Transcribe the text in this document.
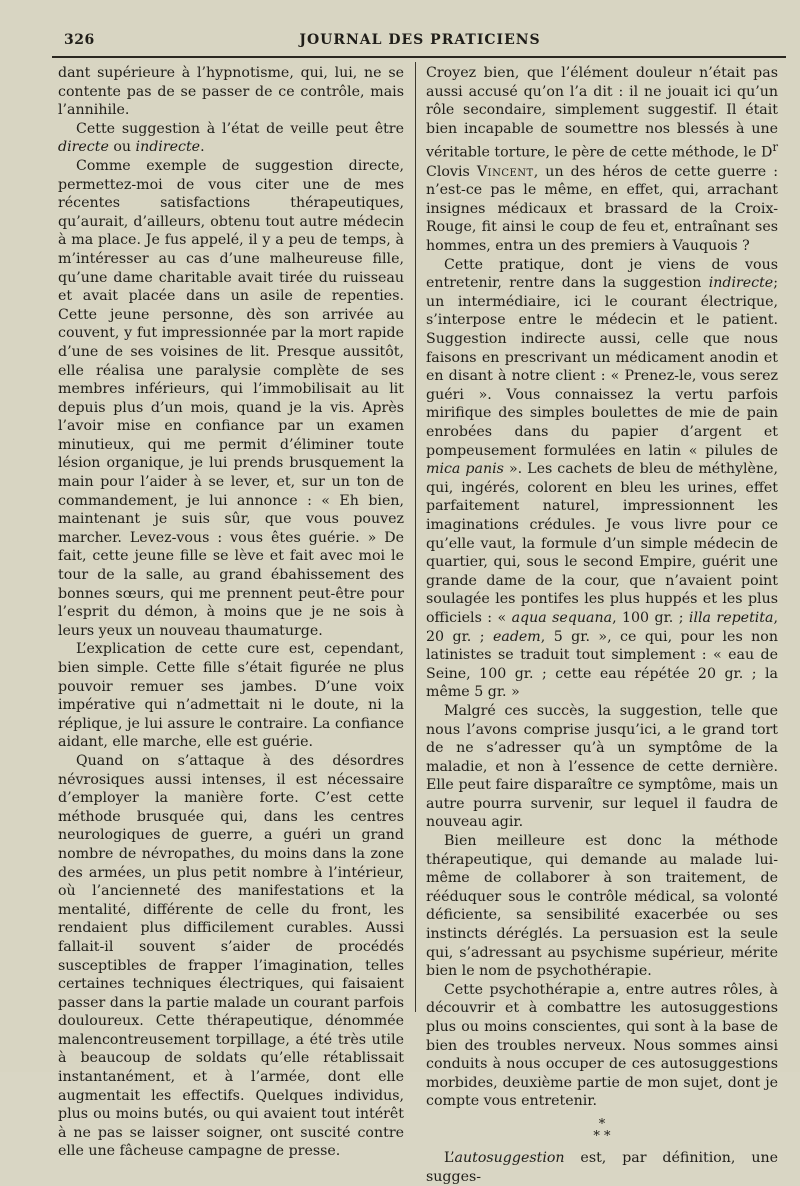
326	JOURNAL DES PRATICIENS

dant supérieure à l’hypnotisme, qui, lui, ne se contente pas de se passer de ce contrôle, mais l’annihile.

Cette suggestion à l’état de veille peut être directe ou indirecte.

Comme exemple de suggestion directe, permettez-moi de vous citer une de mes récentes satisfactions thérapeutiques, qu’aurait, d’ailleurs, obtenu tout autre médecin à ma place. Je fus appelé, il y a peu de temps, à m’intéresser au cas d’une malheureuse fille, qu’une dame charitable avait tirée du ruisseau et avait placée dans un asile de repenties. Cette jeune personne, dès son arrivée au couvent, y fut impressionnée par la mort rapide d’une de ses voisines de lit. Presque aussitôt, elle réalisa une paralysie complète de ses membres inférieurs, qui l’immobilisait au lit depuis plus d’un mois, quand je la vis. Après l’avoir mise en confiance par un examen minutieux, qui me permit d’éliminer toute lésion organique, je lui prends brusquement la main pour l’aider à se lever, et, sur un ton de commandement, je lui annonce : « Eh bien, maintenant je suis sûr, que vous pouvez marcher. Levez-vous : vous êtes guérie. » De fait, cette jeune fille se lève et fait avec moi le tour de la salle, au grand ébahissement des bonnes sœurs, qui me prennent peut-être pour l’esprit du démon, à moins que je ne sois à leurs yeux un nouveau thaumaturge.

L’explication de cette cure est, cependant, bien simple. Cette fille s’était figurée ne plus pouvoir remuer ses jambes. D’une voix impérative qui n’admettait ni le doute, ni la réplique, je lui assure le contraire. La confiance aidant, elle marche, elle est guérie.

Quand on s’attaque à des désordres névrosiques aussi intenses, il est nécessaire d’employer la manière forte. C’est cette méthode brusquée qui, dans les centres neurologiques de guerre, a guéri un grand nombre de névropathes, du moins dans la zone des armées, un plus petit nombre à l’intérieur, où l’ancienneté des manifestations et la mentalité, différente de celle du front, les rendaient plus difficilement curables. Aussi fallait-il souvent s’aider de procédés susceptibles de frapper l’imagination, telles certaines techniques électriques, qui faisaient passer dans la partie malade un courant parfois douloureux. Cette thérapeutique, dénommée malencontreusement torpillage, a été très utile à beaucoup de soldats qu’elle rétablissait instantanément, et à l’armée, dont elle augmentait les effectifs. Quelques individus, plus ou moins butés, ou qui avaient tout intérêt à ne pas se laisser soigner, ont suscité contre elle une fâcheuse campagne de presse.

Croyez bien, que l’élément douleur n’était pas aussi accusé qu’on l’a dit : il ne jouait ici qu’un rôle secondaire, simplement suggestif. Il était bien incapable de soumettre nos blessés à une véritable torture, le père de cette méthode, le $D^r$ Clovis Vincent, un des héros de cette guerre : n’est-ce pas le même, en effet, qui, arrachant insignes médicaux et brassard de la Croix-Rouge, fit ainsi le coup de feu et, entraînant ses hommes, entra un des premiers à Vauquois ?

Cette pratique, dont je viens de vous entretenir, rentre dans la suggestion indirecte; un intermédiaire, ici le courant électrique, s’interpose entre le médecin et le patient. Suggestion indirecte aussi, celle que nous faisons en prescrivant un médicament anodin et en disant à notre client : « Prenez-le, vous serez guéri ». Vous connaissez la vertu parfois mirifique des simples boulettes de mie de pain enrobées dans du papier d’argent et pompeusement formulées en latin « pilules de mica panis ». Les cachets de bleu de méthylène, qui, ingérés, colorent en bleu les urines, effet parfaitement naturel, impressionnent les imaginations crédules. Je vous livre pour ce qu’elle vaut, la formule d’un simple médecin de quartier, qui, sous le second Empire, guérit une grande dame de la cour, que n’avaient point soulagée les pontifes les plus huppés et les plus officiels : « aqua sequana, 100 gr. ; illa repetita, 20 gr. ; eadem, 5 gr. », ce qui, pour les non latinistes se traduit tout simplement : « eau de Seine, 100 gr. ; cette eau répétée 20 gr. ; la même 5 gr. »

Malgré ces succès, la suggestion, telle que nous l’avons comprise jusqu’ici, a le grand tort de ne s’adresser qu’à un symptôme de la maladie, et non à l’essence de cette dernière. Elle peut faire disparaître ce symptôme, mais un autre pourra survenir, sur lequel il faudra de nouveau agir.

Bien meilleure est donc la méthode thérapeutique, qui demande au malade lui-même de collaborer à son traitement, de rééduquer sous le contrôle médical, sa volonté déficiente, sa sensibilité exacerbée ou ses instincts déréglés. La persuasion est la seule qui, s’adressant au psychisme supérieur, mérite bien le nom de psychothérapie.

Cette psychothérapie a, entre autres rôles, à découvrir et à combattre les autosuggestions plus ou moins conscientes, qui sont à la base de bien des troubles nerveux. Nous sommes ainsi conduits à nous occuper de ces autosuggestions morbides, deuxième partie de mon sujet, dont je compte vous entretenir.

*
* *

L’autosuggestion est, par définition, une sugges-
